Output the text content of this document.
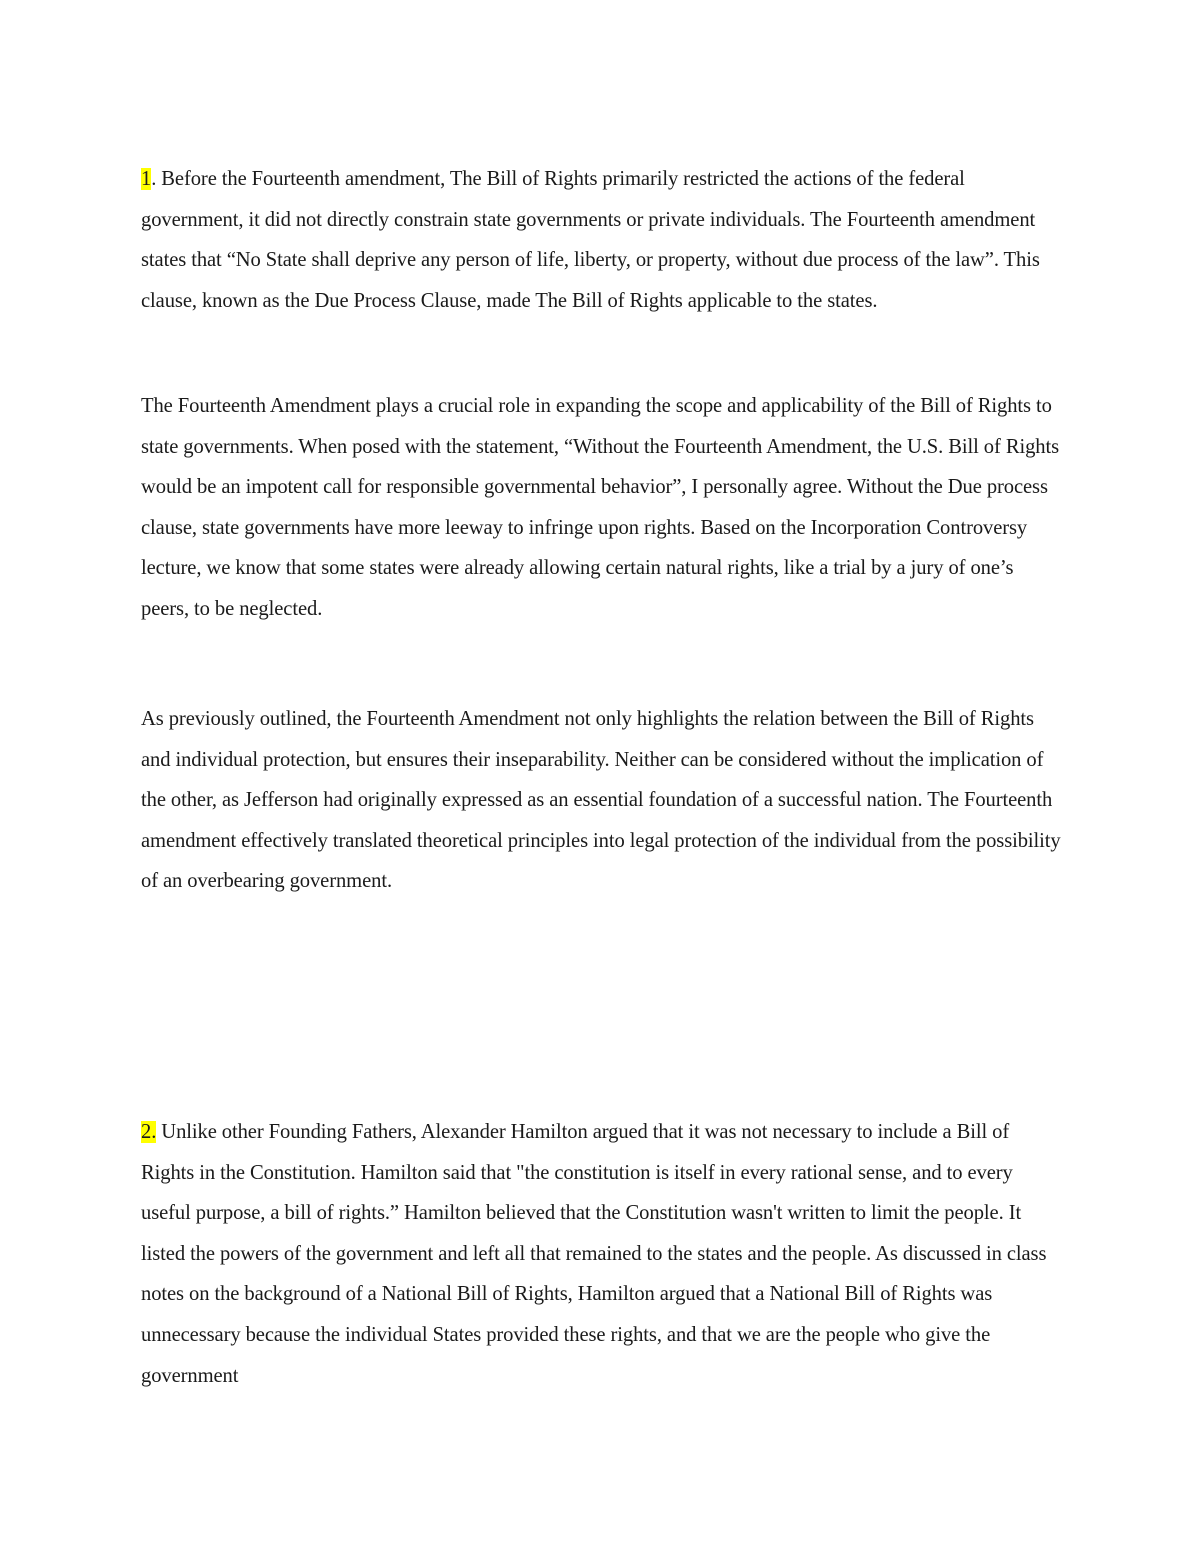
1. Before the Fourteenth amendment, The Bill of Rights primarily restricted the actions of the federal government, it did not directly constrain state governments or private individuals. The Fourteenth amendment states that “No State shall deprive any person of life, liberty, or property, without due process of the law”. This clause, known as the Due Process Clause, made The Bill of Rights applicable to the states.

The Fourteenth Amendment plays a crucial role in expanding the scope and applicability of the Bill of Rights to state governments. When posed with the statement, “Without the Fourteenth Amendment, the U.S. Bill of Rights would be an impotent call for responsible governmental behavior”, I personally agree. Without the Due process clause, state governments have more leeway to infringe upon rights. Based on the Incorporation Controversy lecture, we know that some states were already allowing certain natural rights, like a trial by a jury of one’s peers, to be neglected.

As previously outlined, the Fourteenth Amendment not only highlights the relation between the Bill of Rights and individual protection, but ensures their inseparability. Neither can be considered without the implication of the other, as Jefferson had originally expressed as an essential foundation of a successful nation. The Fourteenth amendment effectively translated theoretical principles into legal protection of the individual from the possibility of an overbearing government.

2. Unlike other Founding Fathers, Alexander Hamilton argued that it was not necessary to include a Bill of Rights in the Constitution. Hamilton said that "the constitution is itself in every rational sense, and to every useful purpose, a bill of rights.” Hamilton believed that the Constitution wasn't written to limit the people. It listed the powers of the government and left all that remained to the states and the people. As discussed in class notes on the background of a National Bill of Rights, Hamilton argued that a National Bill of Rights was unnecessary because the individual States provided these rights, and that we are the people who give the government
